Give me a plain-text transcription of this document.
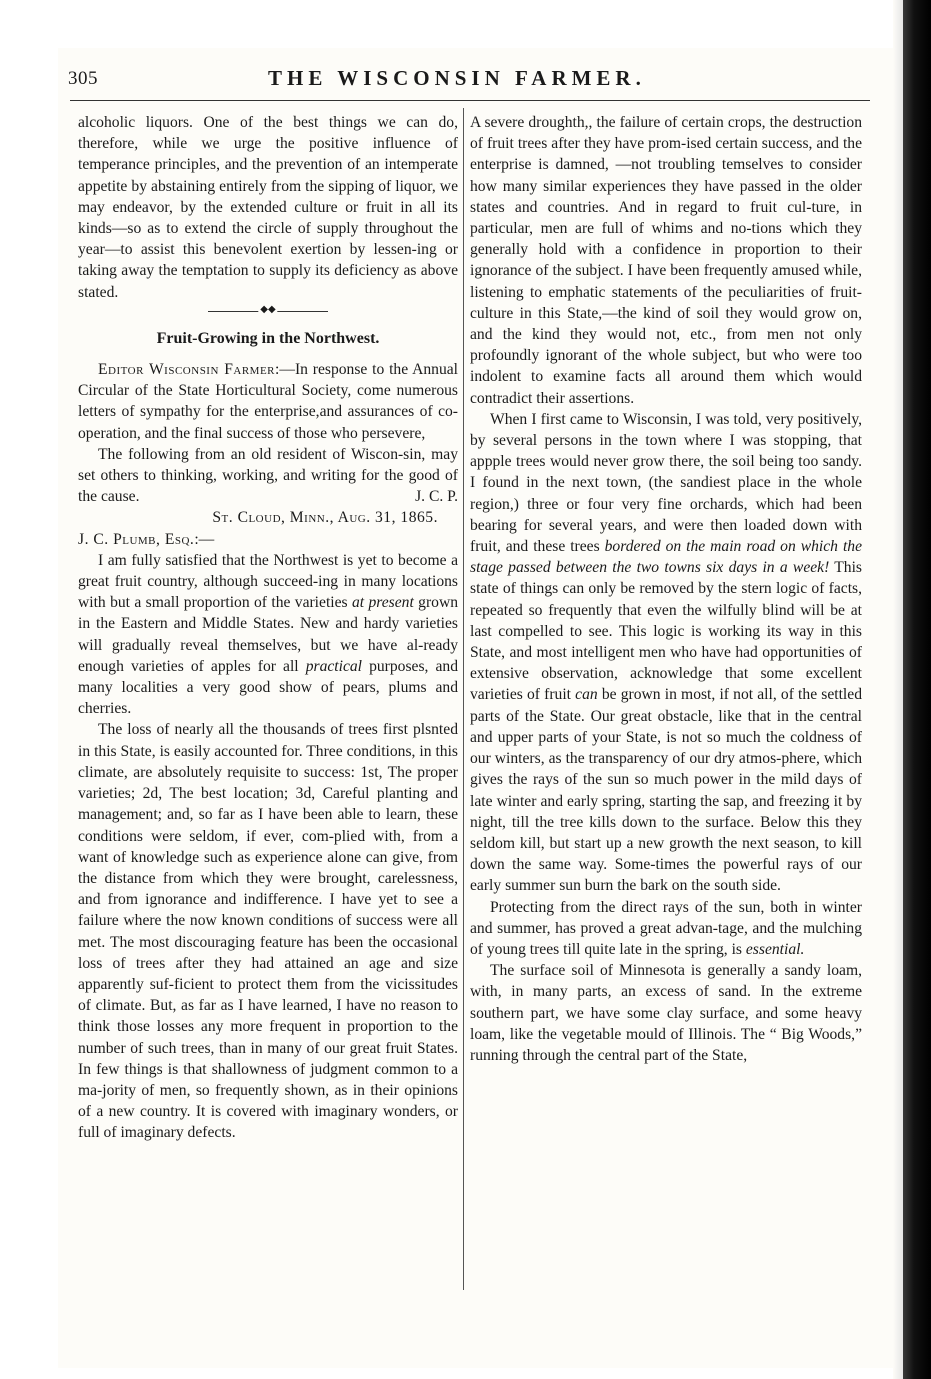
305	THE WISCONSIN FARMER.

alcoholic liquors. One of the best things we can do, therefore, while we urge the positive influence of temperance principles, and the prevention of an intemperate appetite by abstaining entirely from the sipping of liquor, we may endeavor, by the extended culture or fruit in all its kinds—so as to extend the circle of supply throughout the year—to assist this benevolent exertion by lessen-ing or taking away the temptation to supply its deficiency as above stated.

◆◆
Fruit-Growing in the Northwest.

Editor Wisconsin Farmer:—In response to the Annual Circular of the State Horticultural Society, come numerous letters of sympathy for the enterprise,and assurances of co-operation, and the final success of those who persevere,

The following from an old resident of Wiscon-sin, may set others to thinking, working, and writing for the good of the cause.	J. C. P.

St. Cloud, Minn., Aug. 31, 1865.

J. C. Plumb, Esq.:—

I am fully satisfied that the Northwest is yet to become a great fruit country, although succeed-ing in many locations with but a small proportion of the varieties at present grown in the Eastern and Middle States. New and hardy varieties will gradually reveal themselves, but we have al-ready enough varieties of apples for all practical purposes, and many localities a very good show of pears, plums and cherries.

The loss of nearly all the thousands of trees first plsnted in this State, is easily accounted for. Three conditions, in this climate, are absolutely requisite to success: 1st, The proper varieties; 2d, The best location; 3d, Careful planting and management; and, so far as I have been able to learn, these conditions were seldom, if ever, com-plied with, from a want of knowledge such as experience alone can give, from the distance from which they were brought, carelessness, and from ignorance and indifference. I have yet to see a failure where the now known conditions of success were all met. The most discouraging feature has been the occasional loss of trees after they had attained an age and size apparently suf-ficient to protect them from the vicissitudes of climate. But, as far as I have learned, I have no reason to think those losses any more frequent in proportion to the number of such trees, than in many of our great fruit States. In few things is that shallowness of judgment common to a ma-jority of men, so frequently shown, as in their opinions of a new country. It is covered with imaginary wonders, or full of imaginary defects.

A severe droughth,, the failure of certain crops, the destruction of fruit trees after they have prom-ised certain success, and the enterprise is damned, —not troubling temselves to consider how many similar experiences they have passed in the older states and countries. And in regard to fruit cul-ture, in particular, men are full of whims and no-tions which they generally hold with a confidence in proportion to their ignorance of the subject. I have been frequently amused while, listening to emphatic statements of the peculiarities of fruit-culture in this State,—the kind of soil they would grow on, and the kind they would not, etc., from men not only profoundly ignorant of the whole subject, but who were too indolent to examine facts all around them which would contradict their assertions.

When I first came to Wisconsin, I was told, very positively, by several persons in the town where I was stopping, that appple trees would never grow there, the soil being too sandy. I found in the next town, (the sandiest place in the whole region,) three or four very fine orchards, which had been bearing for several years, and were then loaded down with fruit, and these trees bordered on the main road on which the stage passed between the two towns six days in a week! This state of things can only be removed by the stern logic of facts, repeated so frequently that even the wilfully blind will be at last compelled to see. This logic is working its way in this State, and most intelligent men who have had opportunities of extensive observation, acknowledge that some excellent varieties of fruit can be grown in most, if not all, of the settled parts of the State. Our great obstacle, like that in the central and upper parts of your State, is not so much the coldness of our winters, as the transparency of our dry atmos-phere, which gives the rays of the sun so much power in the mild days of late winter and early spring, starting the sap, and freezing it by night, till the tree kills down to the surface. Below this they seldom kill, but start up a new growth the next season, to kill down the same way. Some-times the powerful rays of our early summer sun burn the bark on the south side.

Protecting from the direct rays of the sun, both in winter and summer, has proved a great advan-tage, and the mulching of young trees till quite late in the spring, is essential.

The surface soil of Minnesota is generally a sandy loam, with, in many parts, an excess of sand. In the extreme southern part, we have some clay surface, and some heavy loam, like the vegetable mould of Illinois. The “ Big Woods,” running through the central part of the State,
